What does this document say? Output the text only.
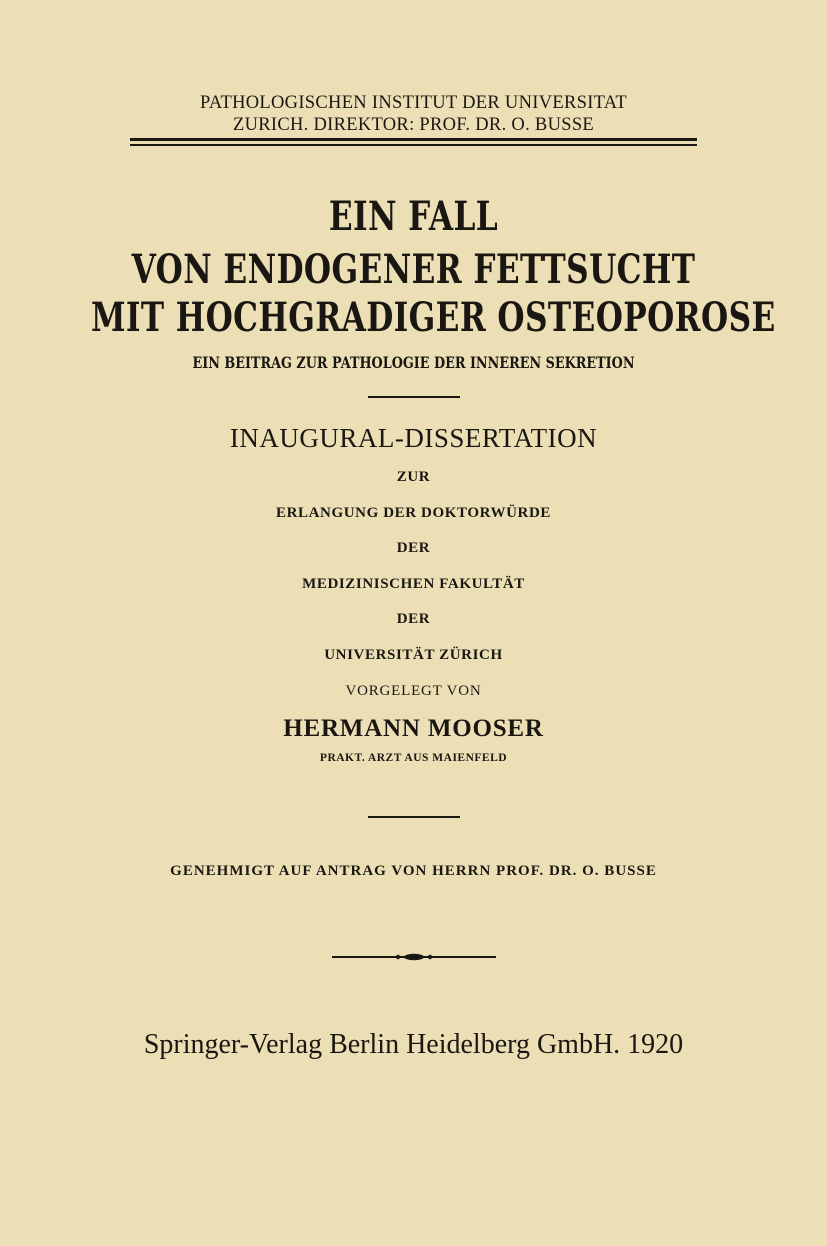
PATHOLOGISCHEN INSTITUT DER UNIVERSITAT
ZURICH. DIREKTOR: PROF. DR. O. BUSSE
EIN FALL
VON ENDOGENER FETTSUCHT
MIT HOCHGRADIGER OSTEOPOROSE
EIN BEITRAG ZUR PATHOLOGIE DER INNEREN SEKRETION
INAUGURAL-DISSERTATION
ZUR
ERLANGUNG DER DOKTORWÜRDE
DER
MEDIZINISCHEN FAKULTÄT
DER
UNIVERSITÄT ZÜRICH
VORGELEGT VON
HERMANN MOOSER
PRAKT. ARZT AUS MAIENFELD
GENEHMIGT AUF ANTRAG VON HERRN PROF. DR. O. BUSSE
Springer-Verlag Berlin Heidelberg GmbH. 1920
